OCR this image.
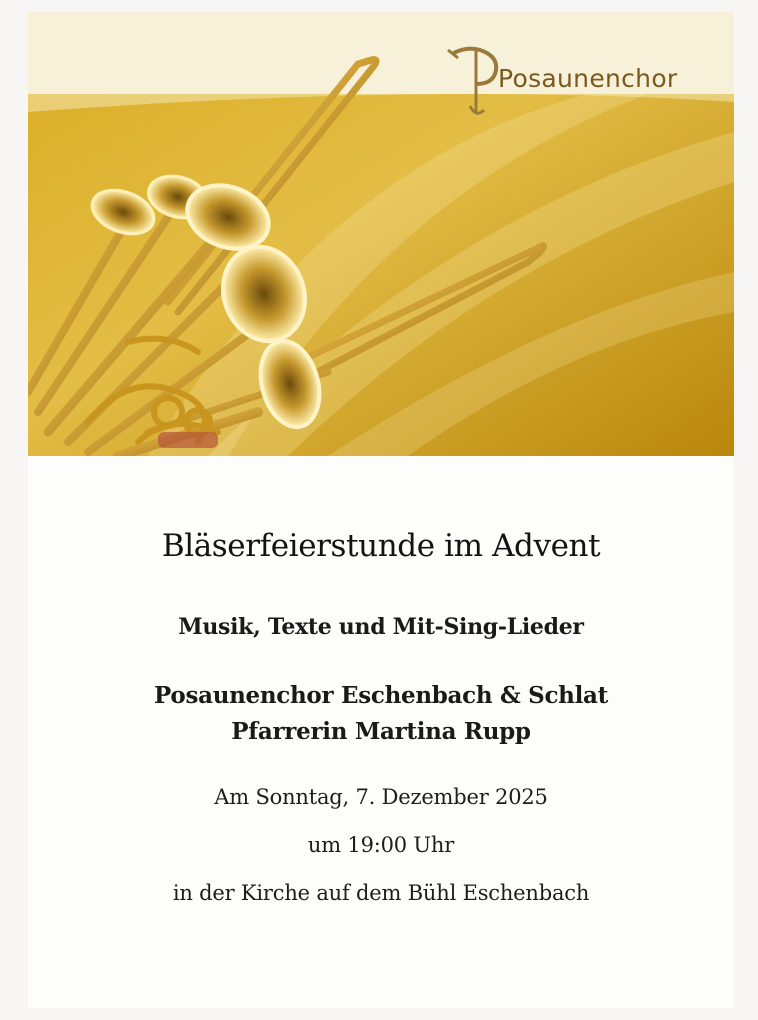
Posaunenchor
Bläserfeierstunde im Advent
Musik, Texte und Mit-Sing-Lieder
Posaunenchor Eschenbach & Schlat
Pfarrerin Martina Rupp
Am Sonntag, 7. Dezember 2025
um 19:00 Uhr
in der Kirche auf dem Bühl Eschenbach
